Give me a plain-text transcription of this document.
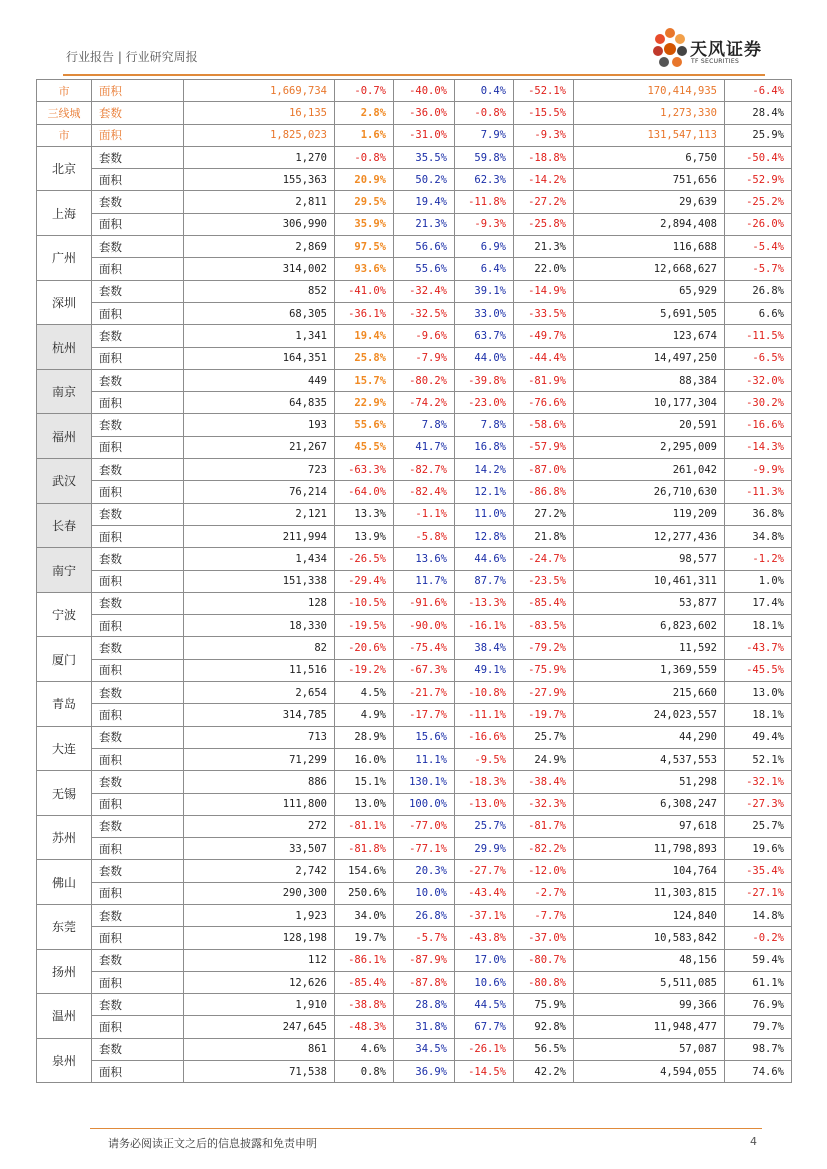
行业报告 | 行业研究周报	天风证券
TF SECURITIES
市	面积	1,669,734	-0.7%	-40.0%	0.4%	-52.1%	170,414,935	-6.4%
三线城	套数	16,135	2.8%	-36.0%	-0.8%	-15.5%	1,273,330	28.4%
市	面积	1,825,023	1.6%	-31.0%	7.9%	-9.3%	131,547,113	25.9%
北京	套数	1,270	-0.8%	35.5%	59.8%	-18.8%	6,750	-50.4%
	面积	155,363	20.9%	50.2%	62.3%	-14.2%	751,656	-52.9%
上海	套数	2,811	29.5%	19.4%	-11.8%	-27.2%	29,639	-25.2%
	面积	306,990	35.9%	21.3%	-9.3%	-25.8%	2,894,408	-26.0%
广州	套数	2,869	97.5%	56.6%	6.9%	21.3%	116,688	-5.4%
	面积	314,002	93.6%	55.6%	6.4%	22.0%	12,668,627	-5.7%
深圳	套数	852	-41.0%	-32.4%	39.1%	-14.9%	65,929	26.8%
	面积	68,305	-36.1%	-32.5%	33.0%	-33.5%	5,691,505	6.6%
杭州	套数	1,341	19.4%	-9.6%	63.7%	-49.7%	123,674	-11.5%
	面积	164,351	25.8%	-7.9%	44.0%	-44.4%	14,497,250	-6.5%
南京	套数	449	15.7%	-80.2%	-39.8%	-81.9%	88,384	-32.0%
	面积	64,835	22.9%	-74.2%	-23.0%	-76.6%	10,177,304	-30.2%
福州	套数	193	55.6%	7.8%	7.8%	-58.6%	20,591	-16.6%
	面积	21,267	45.5%	41.7%	16.8%	-57.9%	2,295,009	-14.3%
武汉	套数	723	-63.3%	-82.7%	14.2%	-87.0%	261,042	-9.9%
	面积	76,214	-64.0%	-82.4%	12.1%	-86.8%	26,710,630	-11.3%
长春	套数	2,121	13.3%	-1.1%	11.0%	27.2%	119,209	36.8%
	面积	211,994	13.9%	-5.8%	12.8%	21.8%	12,277,436	34.8%
南宁	套数	1,434	-26.5%	13.6%	44.6%	-24.7%	98,577	-1.2%
	面积	151,338	-29.4%	11.7%	87.7%	-23.5%	10,461,311	1.0%
宁波	套数	128	-10.5%	-91.6%	-13.3%	-85.4%	53,877	17.4%
	面积	18,330	-19.5%	-90.0%	-16.1%	-83.5%	6,823,602	18.1%
厦门	套数	82	-20.6%	-75.4%	38.4%	-79.2%	11,592	-43.7%
	面积	11,516	-19.2%	-67.3%	49.1%	-75.9%	1,369,559	-45.5%
青岛	套数	2,654	4.5%	-21.7%	-10.8%	-27.9%	215,660	13.0%
	面积	314,785	4.9%	-17.7%	-11.1%	-19.7%	24,023,557	18.1%
大连	套数	713	28.9%	15.6%	-16.6%	25.7%	44,290	49.4%
	面积	71,299	16.0%	11.1%	-9.5%	24.9%	4,537,553	52.1%
无锡	套数	886	15.1%	130.1%	-18.3%	-38.4%	51,298	-32.1%
	面积	111,800	13.0%	100.0%	-13.0%	-32.3%	6,308,247	-27.3%
苏州	套数	272	-81.1%	-77.0%	25.7%	-81.7%	97,618	25.7%
	面积	33,507	-81.8%	-77.1%	29.9%	-82.2%	11,798,893	19.6%
佛山	套数	2,742	154.6%	20.3%	-27.7%	-12.0%	104,764	-35.4%
	面积	290,300	250.6%	10.0%	-43.4%	-2.7%	11,303,815	-27.1%
东莞	套数	1,923	34.0%	26.8%	-37.1%	-7.7%	124,840	14.8%
	面积	128,198	19.7%	-5.7%	-43.8%	-37.0%	10,583,842	-0.2%
扬州	套数	112	-86.1%	-87.9%	17.0%	-80.7%	48,156	59.4%
	面积	12,626	-85.4%	-87.8%	10.6%	-80.8%	5,511,085	61.1%
温州	套数	1,910	-38.8%	28.8%	44.5%	75.9%	99,366	76.9%
	面积	247,645	-48.3%	31.8%	67.7%	92.8%	11,948,477	79.7%
泉州	套数	861	4.6%	34.5%	-26.1%	56.5%	57,087	98.7%
	面积	71,538	0.8%	36.9%	-14.5%	42.2%	4,594,055	74.6%
请务必阅读正文之后的信息披露和免责申明	4
